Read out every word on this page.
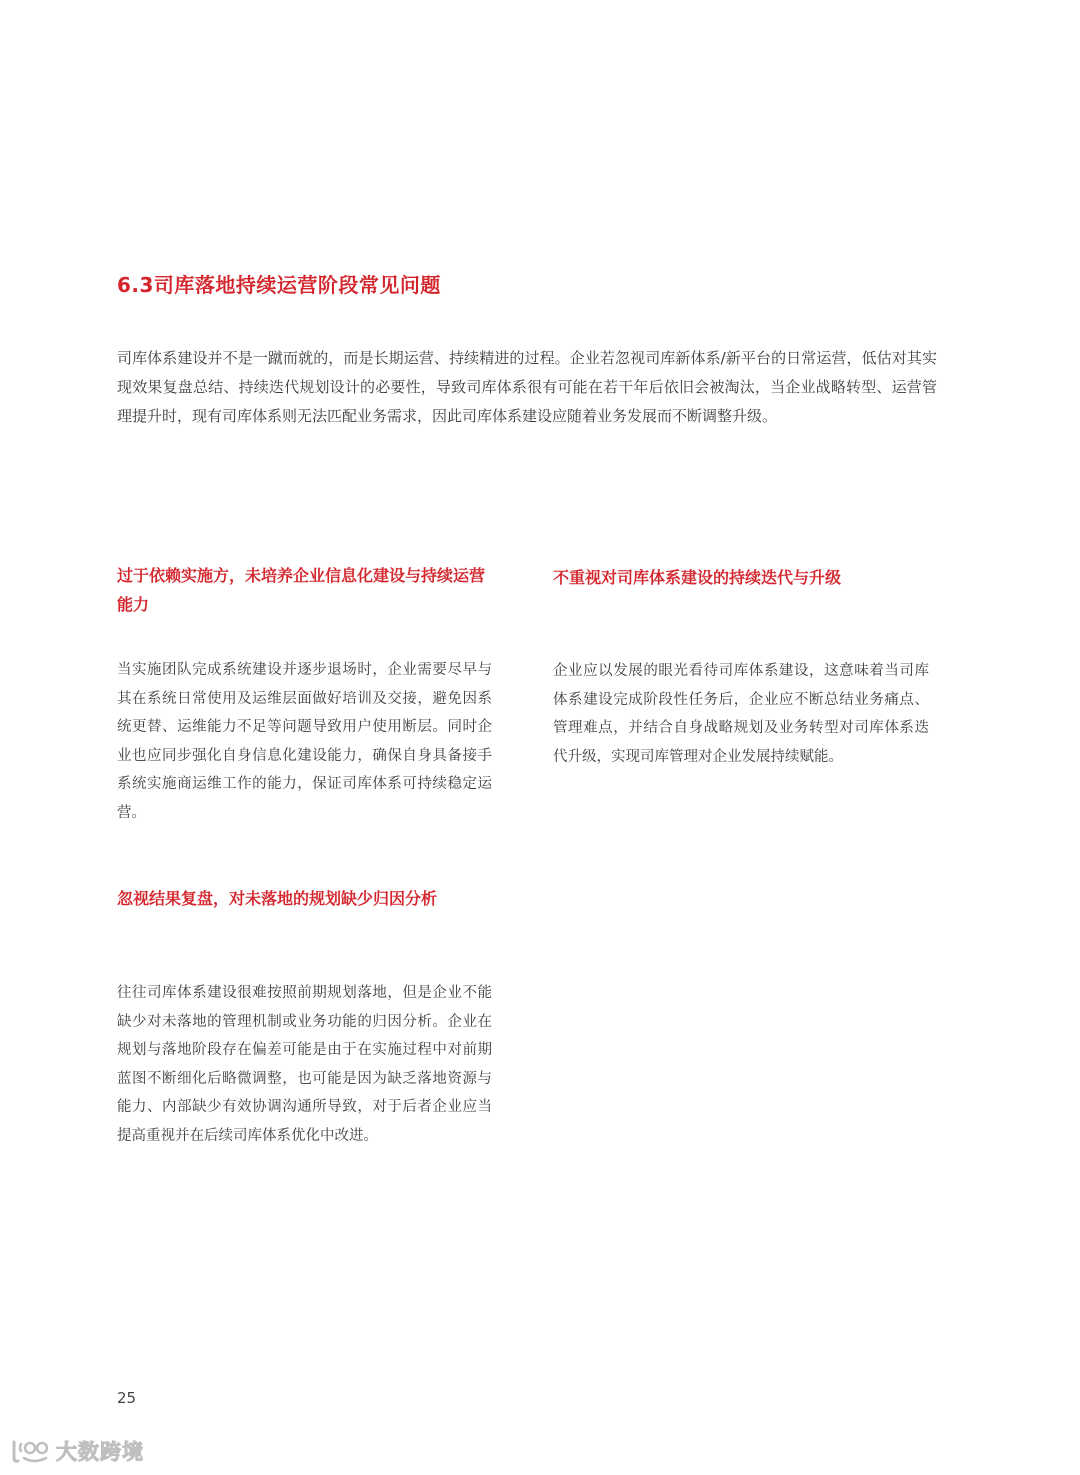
6.3司库落地持续运营阶段常见问题

司库体系建设并不是一蹴而就的，而是长期运营、持续精进的过程。企业若忽视司库新体系/新平台的日常运营，低估对其实现效果复盘总结、持续迭代规划设计的必要性，导致司库体系很有可能在若干年后依旧会被淘汰，当企业战略转型、运营管理提升时，现有司库体系则无法匹配业务需求，因此司库体系建设应随着业务发展而不断调整升级。

过于依赖实施方，未培养企业信息化建设与持续运营能力

当实施团队完成系统建设并逐步退场时，企业需要尽早与其在系统日常使用及运维层面做好培训及交接，避免因系统更替、运维能力不足等问题导致用户使用断层。同时企业也应同步强化自身信息化建设能力，确保自身具备接手系统实施商运维工作的能力，保证司库体系可持续稳定运营。

不重视对司库体系建设的持续迭代与升级

企业应以发展的眼光看待司库体系建设，这意味着当司库体系建设完成阶段性任务后，企业应不断总结业务痛点、管理难点，并结合自身战略规划及业务转型对司库体系迭代升级，实现司库管理对企业发展持续赋能。

忽视结果复盘，对未落地的规划缺少归因分析

往往司库体系建设很难按照前期规划落地，但是企业不能缺少对未落地的管理机制或业务功能的归因分析。企业在规划与落地阶段存在偏差可能是由于在实施过程中对前期蓝图不断细化后略微调整，也可能是因为缺乏落地资源与能力、内部缺少有效协调沟通所导致，对于后者企业应当提高重视并在后续司库体系优化中改进。

25
大数跨境
